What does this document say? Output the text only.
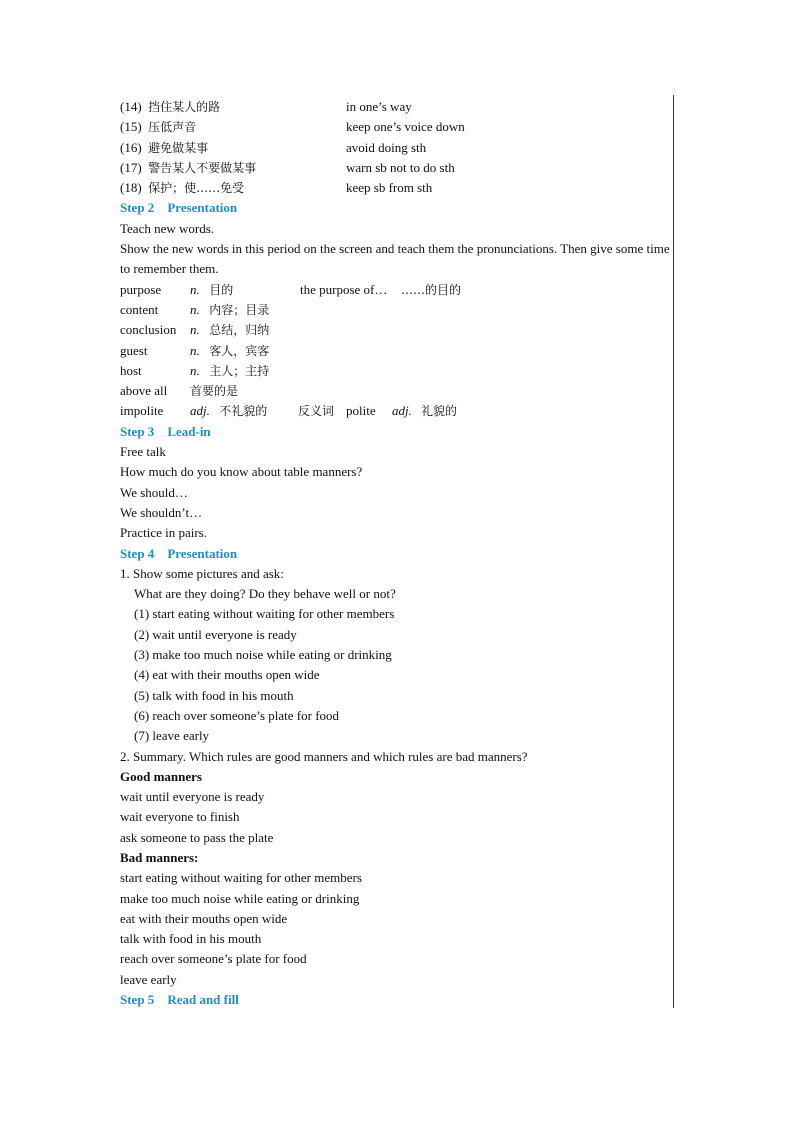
(14) 挡住某人的路	in one’s way
(15) 压低声音	keep one’s voice down
(16) 避免做某事	avoid doing sth
(17) 警告某人不要做某事	warn sb not to do sth
(18) 保护；使……免受	keep sb from sth
Step 2 Presentation
Teach new words.
Show the new words in this period on the screen and teach them the pronunciations. Then give some time to remember them.
purpose n. 目的	the purpose of… ……的目的
content n. 内容；目录
conclusion n. 总结，归纳
guest	n. 客人，宾客
host	n. 主人；主持
above all 首要的是
impolite adj. 不礼貌的	反义词 polite adj. 礼貌的
Step 3 Lead-in
Free talk
How much do you know about table manners?
We should…
We shouldn’t…
Practice in pairs.
Step 4 Presentation
1. Show some pictures and ask:
What are they doing? Do they behave well or not?
(1) start eating without waiting for other members
(2) wait until everyone is ready
(3) make too much noise while eating or drinking
(4) eat with their mouths open wide
(5) talk with food in his mouth
(6) reach over someone’s plate for food
(7) leave early
2. Summary. Which rules are good manners and which rules are bad manners?
Good manners
wait until everyone is ready
wait everyone to finish
ask someone to pass the plate
Bad manners:
start eating without waiting for other members
make too much noise while eating or drinking
eat with their mouths open wide
talk with food in his mouth
reach over someone’s plate for food
leave early
Step 5 Read and fill
